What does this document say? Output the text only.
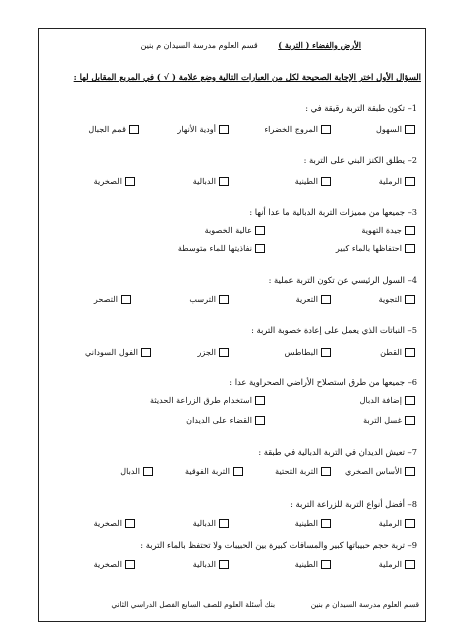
الأرض والفضاء ( التربة ) قسم العلوم مدرسة السيدان م بنين
السؤال الأول اختر الإجابة الصحيحة لكل من العبارات التالية وضع علامة ( √ ) في المربع المقابل لها :
1– تكون طبقة التربة رقيقة في :
السهول
المروج الخضراء
أودية الأنهار
قمم الجبال
2– يطلق الكنز البني على التربة :
الرملية
الطينية
الدبالية
الصخرية
3– جميعها من مميزات التربة الدبالية ما عدا أنها :
جيدة التهوية
عالية الخصوبة
احتفاظها بالماء كبير
نفاذيتها للماء متوسطة
4– السول الرئيسي عن تكون التربة عملية :
التجوية
التعرية
الترسب
التصحر
5– النباتات الذي يعمل على إعادة خصوبة التربة :
القطن
البطاطس
الجزر
الفول السوداني
6– جميعها من طرق استصلاح الأراضي الصحراوية عدا :
إضافة الدبال
استخدام طرق الزراعة الحديثة
غسل التربة
القضاء على الديدان
7– تعيش الديدان في التربة الدبالية في طبقة :
الأساس الصخري
التربة التحتية
التربة الفوقية
الدبال
8– أفضل أنواع التربة للزراعة التربة :
الرملية
الطينية
الدبالية
الصخرية
9– تربة حجم حبيباتها كبير والمسافات كبيرة بين الحبيبات ولا تحتفظ بالماء التربة :
الرملية
الطينية
الدبالية
الصخرية
قسم العلوم مدرسة السيدان م بنين
بنك أسئلة العلوم للصف السابع الفصل الدراسي الثاني
